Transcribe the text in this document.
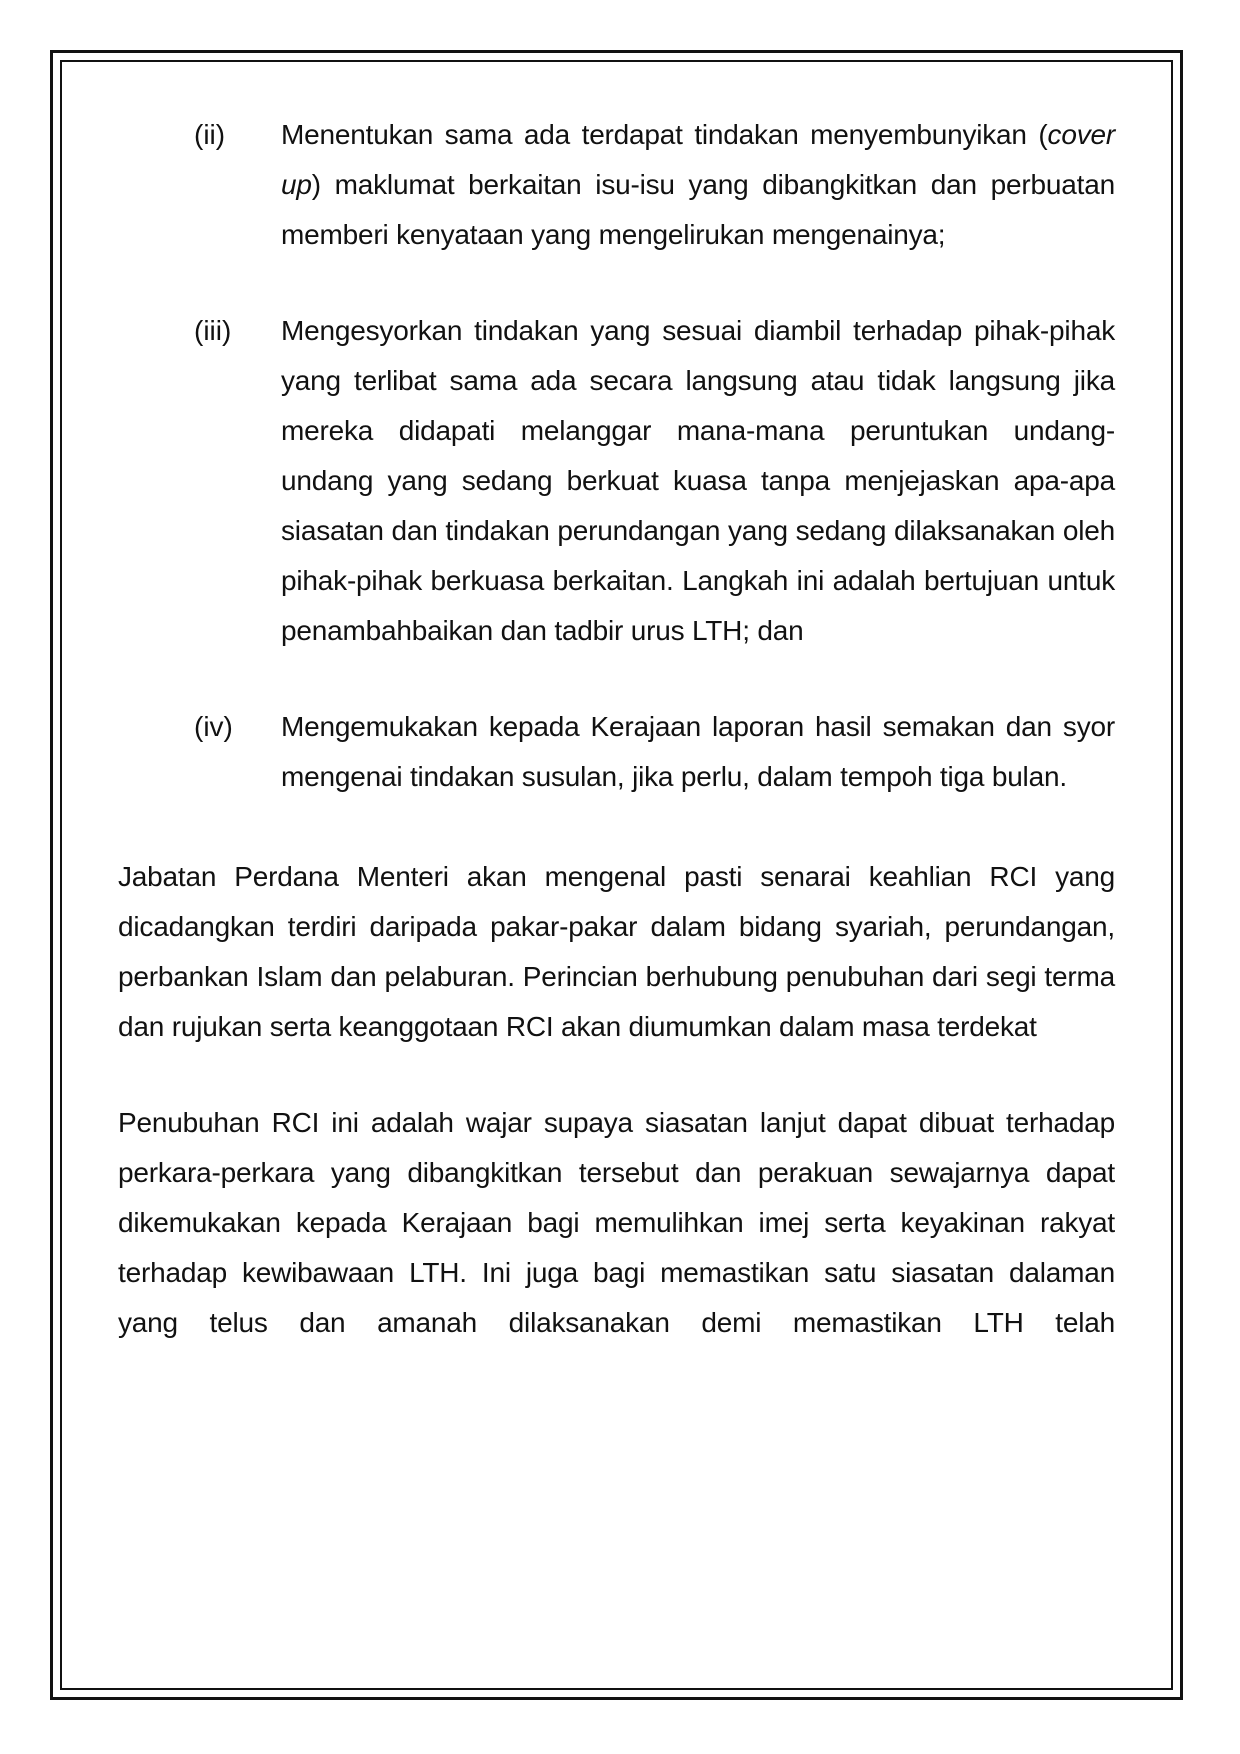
(ii) Menentukan sama ada terdapat tindakan menyembunyikan (cover up) maklumat berkaitan isu-isu yang dibangkitkan dan perbuatan memberi kenyataan yang mengelirukan mengenainya;
(iii) Mengesyorkan tindakan yang sesuai diambil terhadap pihak-pihak yang terlibat sama ada secara langsung atau tidak langsung jika mereka didapati melanggar mana-mana peruntukan undang-undang yang sedang berkuat kuasa tanpa menjejaskan apa-apa siasatan dan tindakan perundangan yang sedang dilaksanakan oleh pihak-pihak berkuasa berkaitan. Langkah ini adalah bertujuan untuk penambahbaikan dan tadbir urus LTH; dan
(iv) Mengemukakan kepada Kerajaan laporan hasil semakan dan syor mengenai tindakan susulan, jika perlu, dalam tempoh tiga bulan.

Jabatan Perdana Menteri akan mengenal pasti senarai keahlian RCI yang dicadangkan terdiri daripada pakar-pakar dalam bidang syariah, perundangan, perbankan Islam dan pelaburan. Perincian berhubung penubuhan dari segi terma dan rujukan serta keanggotaan RCI akan diumumkan dalam masa terdekat

Penubuhan RCI ini adalah wajar supaya siasatan lanjut dapat dibuat terhadap perkara-perkara yang dibangkitkan tersebut dan perakuan sewajarnya dapat dikemukakan kepada Kerajaan bagi memulihkan imej serta keyakinan rakyat terhadap kewibawaan LTH. Ini juga bagi memastikan satu siasatan dalaman yang telus dan amanah dilaksanakan demi memastikan LTH telah
